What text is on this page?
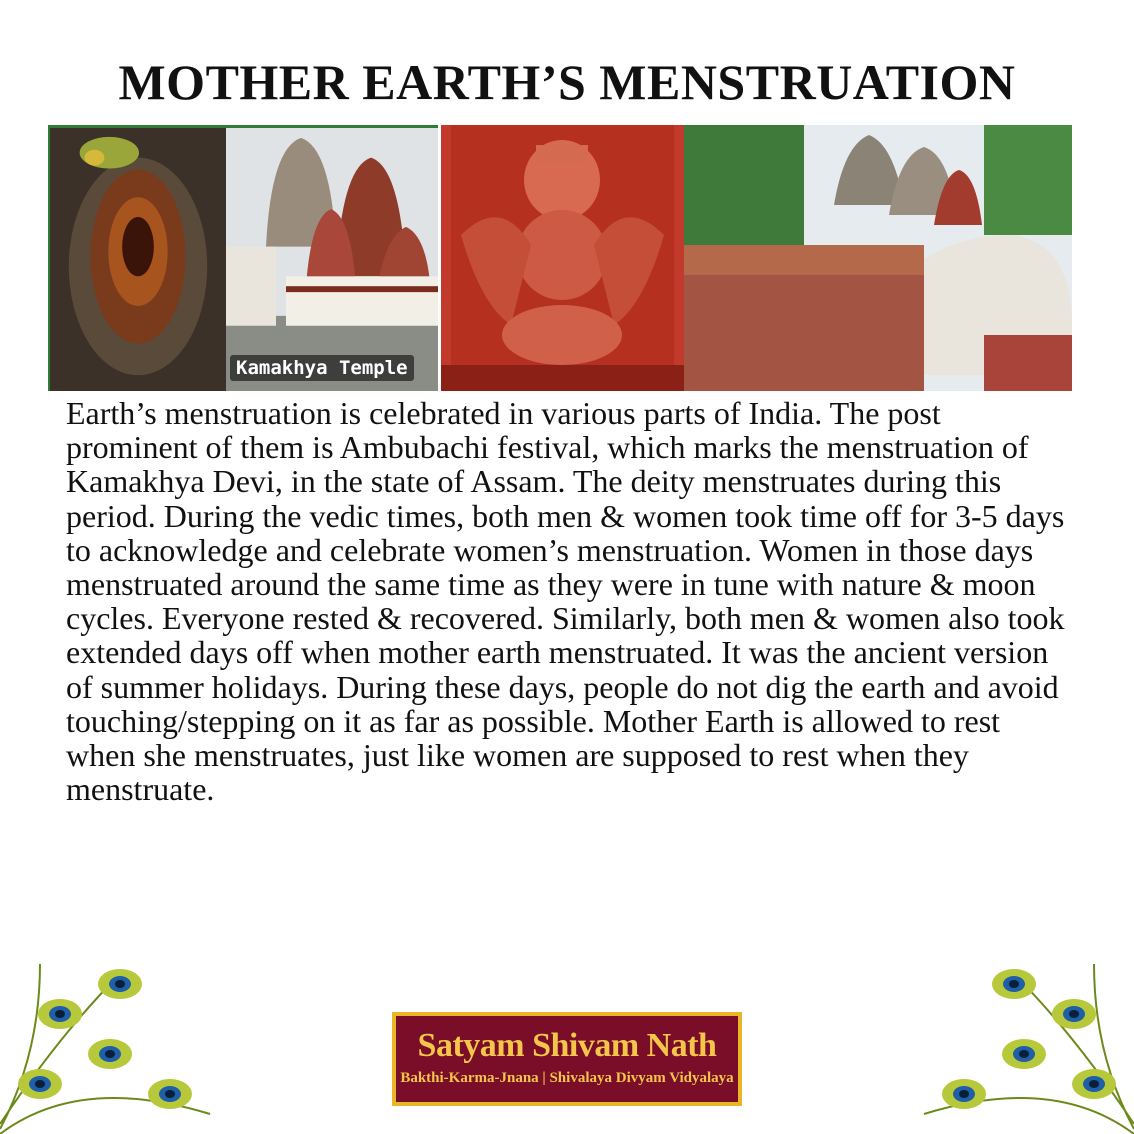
MOTHER EARTH’S MENSTRUATION
Kamakhya Temple
Earth’s menstruation is celebrated in various parts of India. The post prominent of them is Ambubachi festival, which marks the menstruation of Kamakhya Devi, in the state of Assam. The deity menstruates during this period. During the vedic times, both men & women took time off for 3-5 days to acknowledge and celebrate women’s menstruation. Women in those days menstruated around the same time as they were in tune with nature & moon cycles. Everyone rested & recovered. Similarly, both men & women also took extended days off when mother earth menstruated. It was the ancient version of summer holidays. During these days, people do not dig the earth and avoid touching/stepping on it as far as possible. Mother Earth is allowed to rest when she menstruates, just like women are supposed to rest when they menstruate.
Satyam Shivam Nath
Bakthi-Karma-Jnana | Shivalaya Divyam Vidyalaya
